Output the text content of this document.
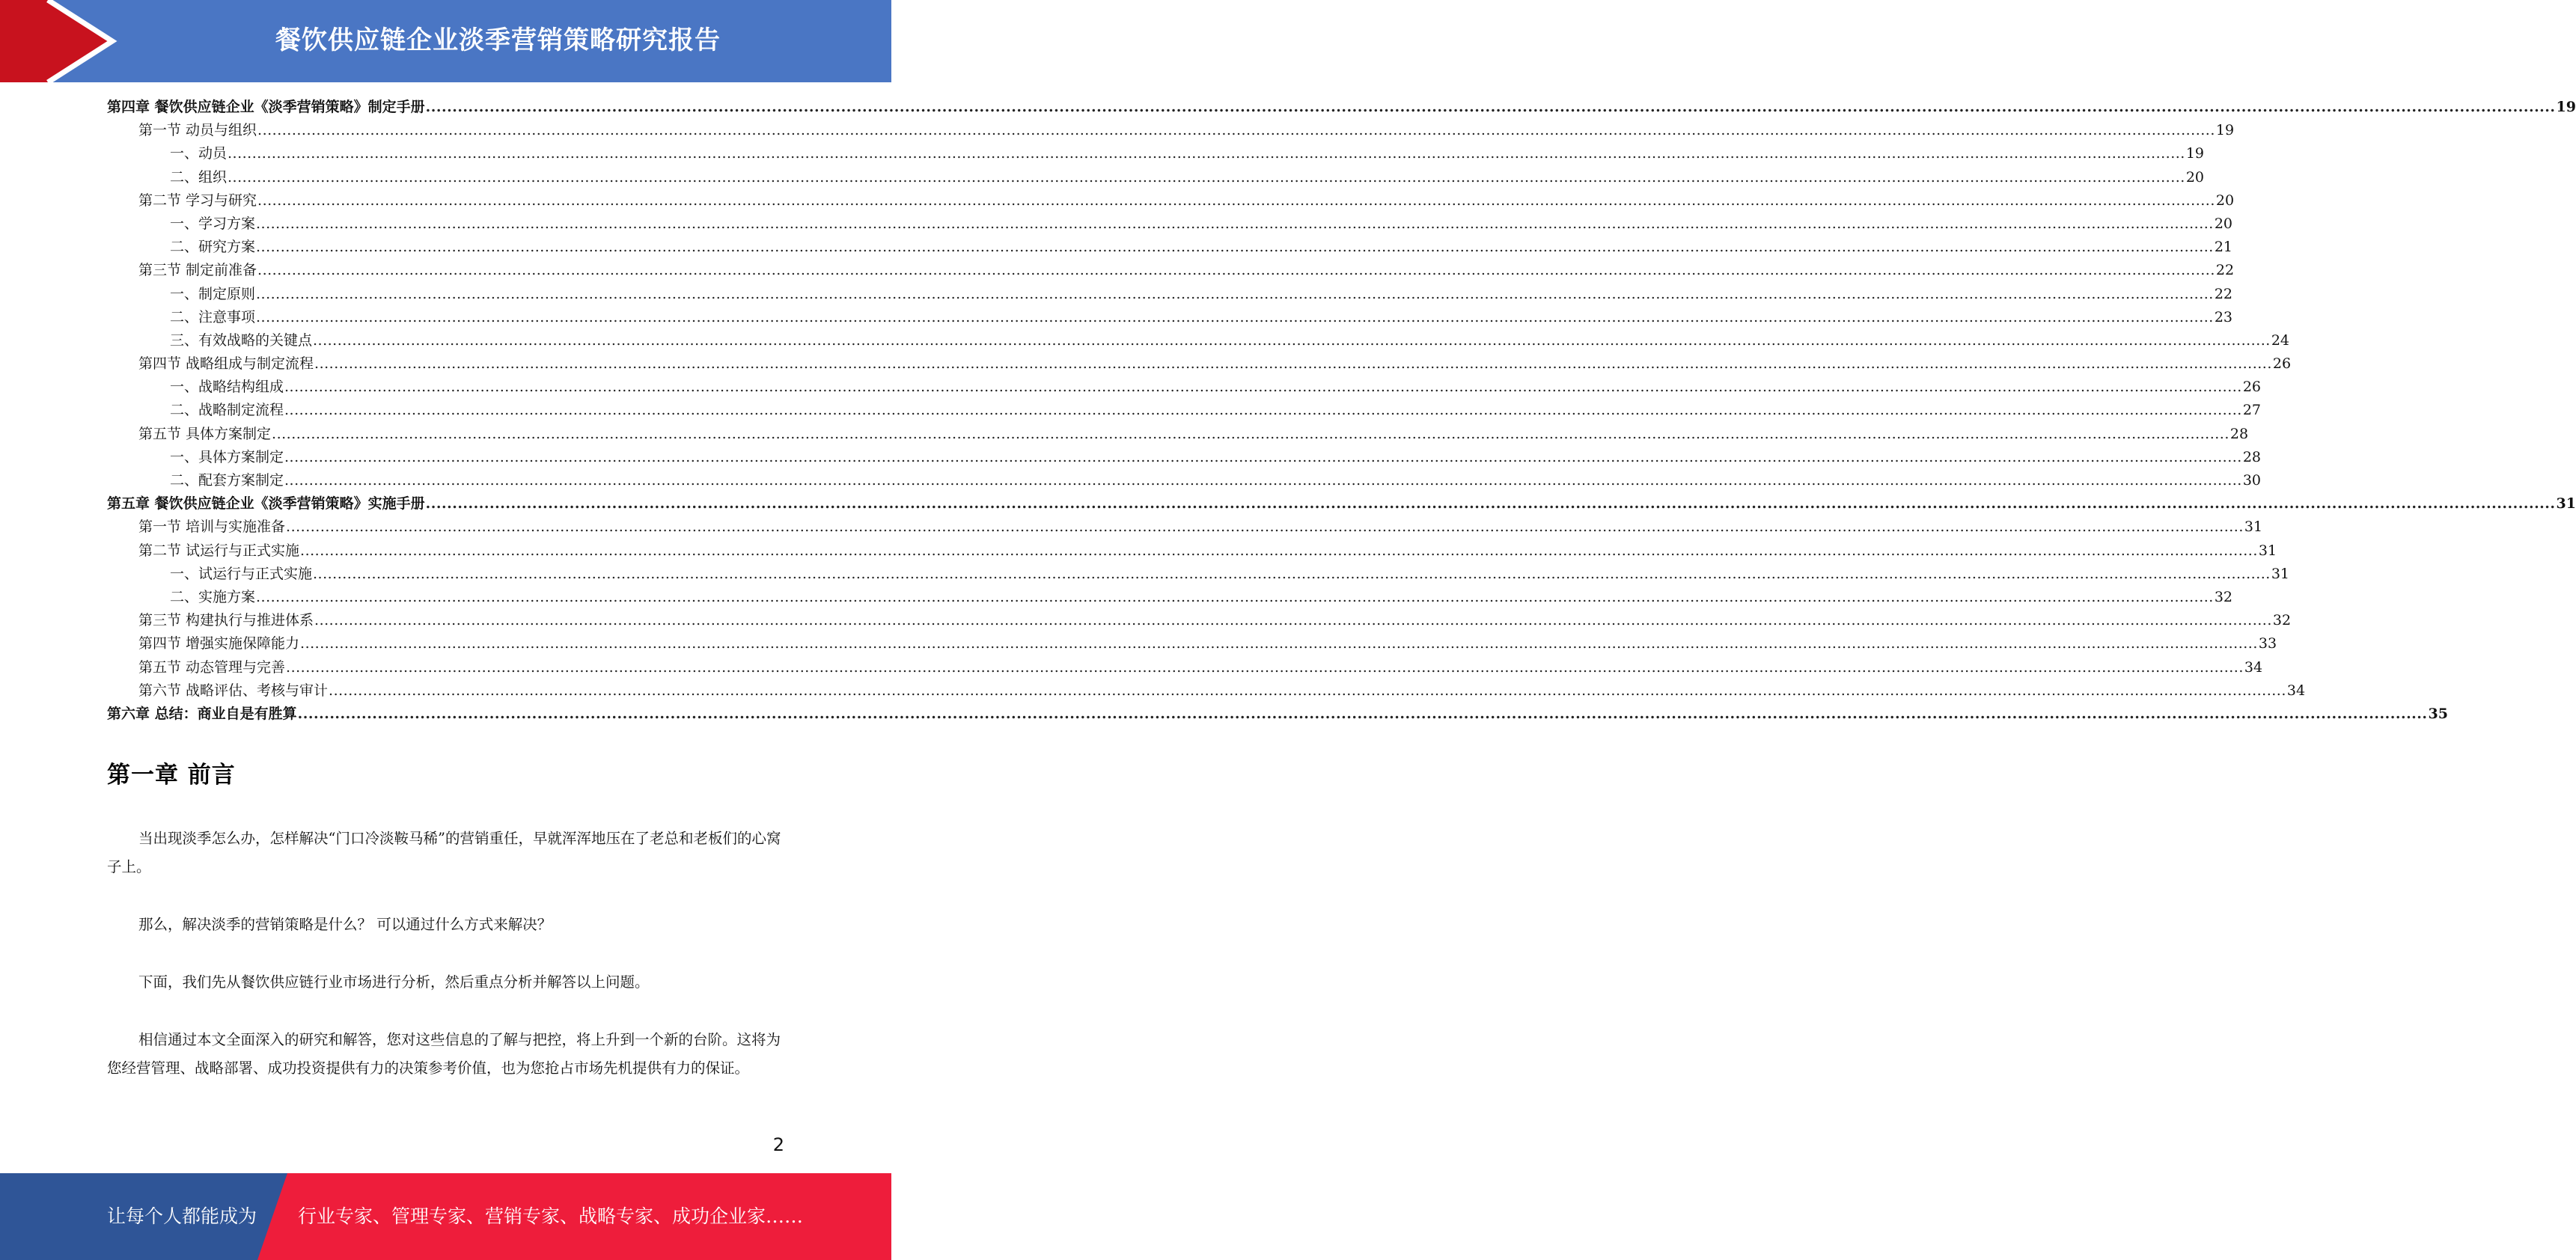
餐饮供应链企业淡季营销策略研究报告
第四章 餐饮供应链企业《淡季营销策略》制定手册 ................................................................................................................................................................................................................................................................................................................................................................................................................ 19
第一节 动员与组织 ................................................................................................................................................................................................................................................................................................................................................................................................................ 19
一、动员 ................................................................................................................................................................................................................................................................................................................................................................................................................ 19
二、组织 ................................................................................................................................................................................................................................................................................................................................................................................................................ 20
第二节 学习与研究 ................................................................................................................................................................................................................................................................................................................................................................................................................ 20
一、学习方案 ................................................................................................................................................................................................................................................................................................................................................................................................................ 20
二、研究方案 ................................................................................................................................................................................................................................................................................................................................................................................................................ 21
第三节 制定前准备 ................................................................................................................................................................................................................................................................................................................................................................................................................ 22
一、制定原则 ................................................................................................................................................................................................................................................................................................................................................................................................................ 22
二、注意事项 ................................................................................................................................................................................................................................................................................................................................................................................................................ 23
三、有效战略的关键点 ................................................................................................................................................................................................................................................................................................................................................................................................................ 24
第四节 战略组成与制定流程 ................................................................................................................................................................................................................................................................................................................................................................................................................ 26
一、战略结构组成 ................................................................................................................................................................................................................................................................................................................................................................................................................ 26
二、战略制定流程 ................................................................................................................................................................................................................................................................................................................................................................................................................ 27
第五节 具体方案制定 ................................................................................................................................................................................................................................................................................................................................................................................................................ 28
一、具体方案制定 ................................................................................................................................................................................................................................................................................................................................................................................................................ 28
二、配套方案制定 ................................................................................................................................................................................................................................................................................................................................................................................................................ 30
第五章 餐饮供应链企业《淡季营销策略》实施手册 ................................................................................................................................................................................................................................................................................................................................................................................................................ 31
第一节 培训与实施准备 ................................................................................................................................................................................................................................................................................................................................................................................................................ 31
第二节 试运行与正式实施 ................................................................................................................................................................................................................................................................................................................................................................................................................ 31
一、试运行与正式实施 ................................................................................................................................................................................................................................................................................................................................................................................................................ 31
二、实施方案 ................................................................................................................................................................................................................................................................................................................................................................................................................ 32
第三节 构建执行与推进体系 ................................................................................................................................................................................................................................................................................................................................................................................................................ 32
第四节 增强实施保障能力 ................................................................................................................................................................................................................................................................................................................................................................................................................ 33
第五节 动态管理与完善 ................................................................................................................................................................................................................................................................................................................................................................................................................ 34
第六节 战略评估、考核与审计 ................................................................................................................................................................................................................................................................................................................................................................................................................ 34
第六章 总结：商业自是有胜算 ................................................................................................................................................................................................................................................................................................................................................................................................................ 35
第一章 前言

当出现淡季怎么办，怎样解决“门口冷淡鞍马稀”的营销重任，早就浑浑地压在了老总和老板们的心窝子上。

那么，解决淡季的营销策略是什么？ 可以通过什么方式来解决？

下面，我们先从餐饮供应链行业市场进行分析，然后重点分析并解答以上问题。

相信通过本文全面深入的研究和解答，您对这些信息的了解与把控，将上升到一个新的台阶。这将为您经营管理、战略部署、成功投资提供有力的决策参考价值，也为您抢占市场先机提供有力的保证。

2
让每个人都能成为 行业专家、管理专家、营销专家、战略专家、成功企业家……
